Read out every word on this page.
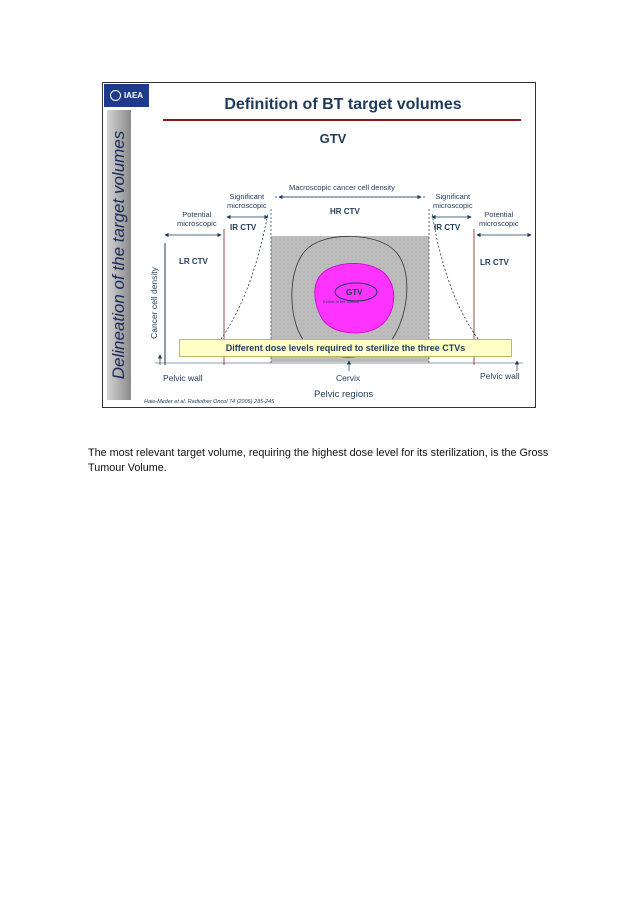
IAEA
Delineation of the target volumes
Definition of BT target volumes
GTV
Macroscopic cancer cell density
Significant
microscopic
Significant
microscopic
Potential
microscopic
Potential
microscopic
HR CTV
IR CTV	IR CTV
LR CTV	LR CTV
GTV
Extent of the tumour
Cancer cell density
Different dose levels required to sterilize the three CTVs
Pelvic wall	Cervix	Pelvic wall
Pelvic regions
Haie-Meder et al. Radiother Oncol 74 (2005) 235-245

The most relevant target volume, requiring the highest dose level for its sterilization, is the Gross Tumour Volume.
